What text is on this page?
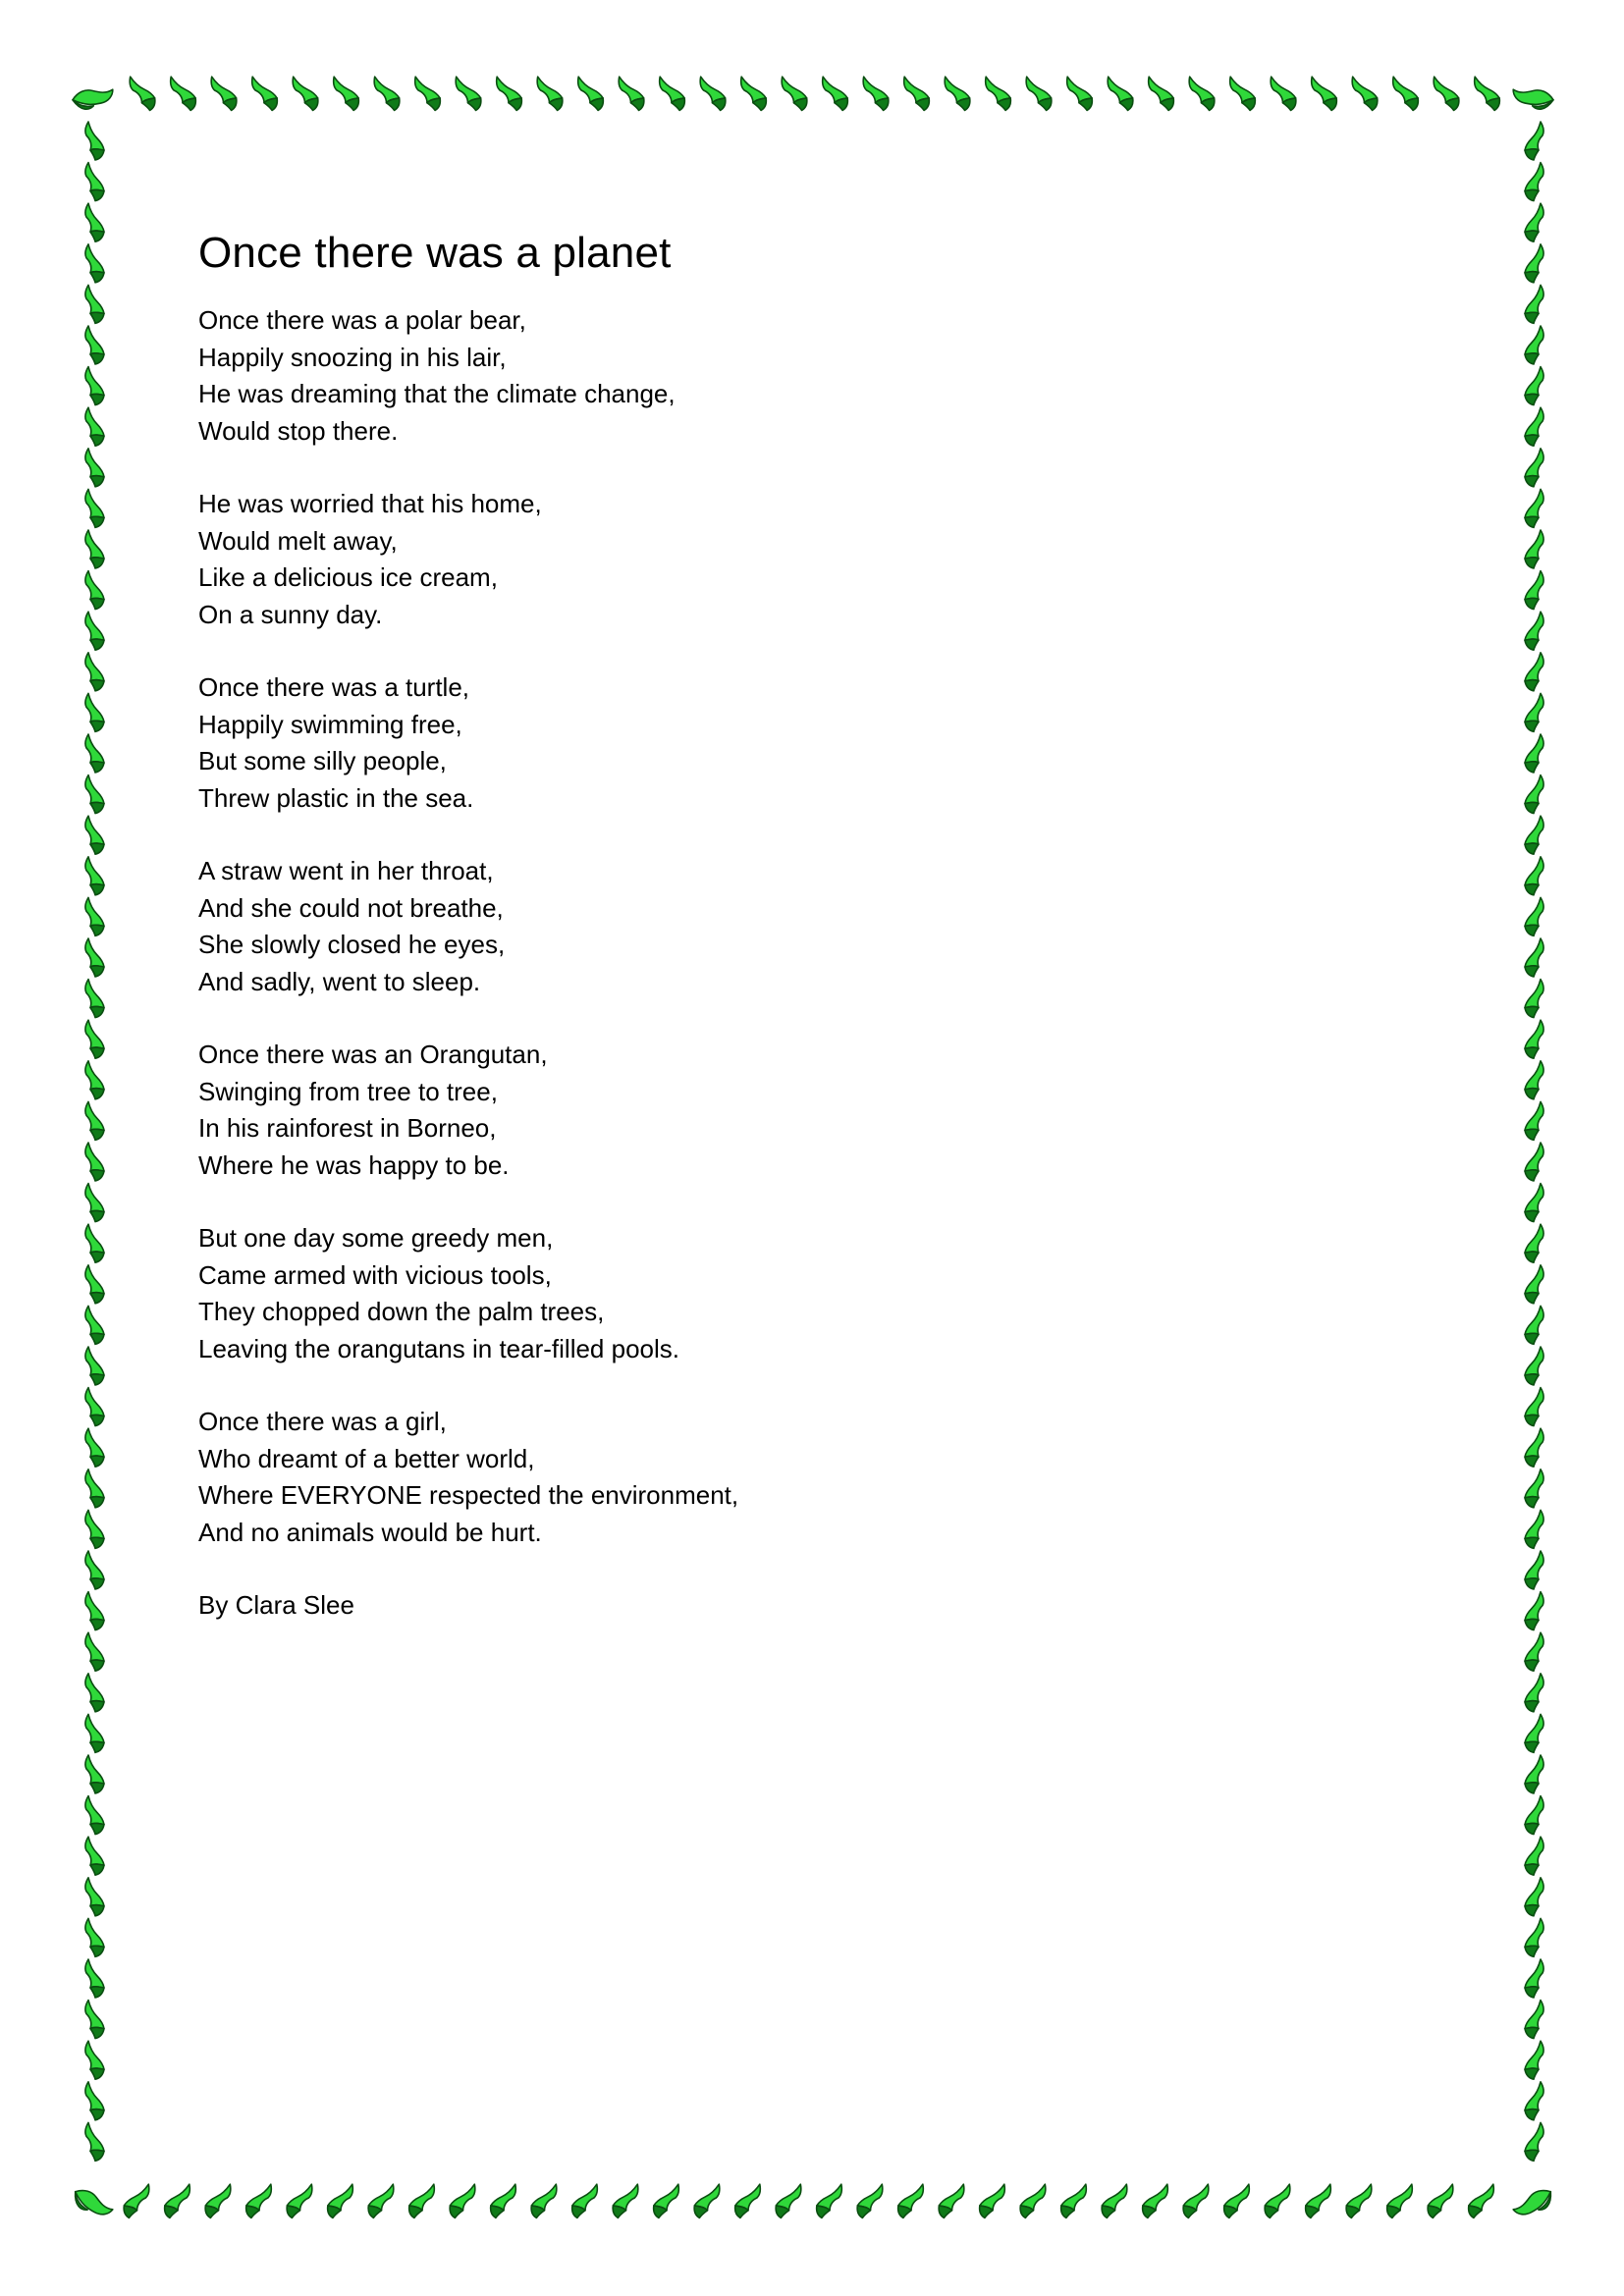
Once there was a planet
Once there was a polar bear,
Happily snoozing in his lair,
He was dreaming that the climate change,
Would stop there.
He was worried that his home,
Would melt away,
Like a delicious ice cream,
On a sunny day.
Once there was a turtle,
Happily swimming free,
But some silly people,
Threw plastic in the sea.
A straw went in her throat,
And she could not breathe,
She slowly closed he eyes,
And sadly, went to sleep.
Once there was an Orangutan,
Swinging from tree to tree,
In his rainforest in Borneo,
Where he was happy to be.
But one day some greedy men,
Came armed with vicious tools,
They chopped down the palm trees,
Leaving the orangutans in tear-filled pools.
Once there was a girl,
Who dreamt of a better world,
Where EVERYONE respected the environment,
And no animals would be hurt.
By Clara Slee
